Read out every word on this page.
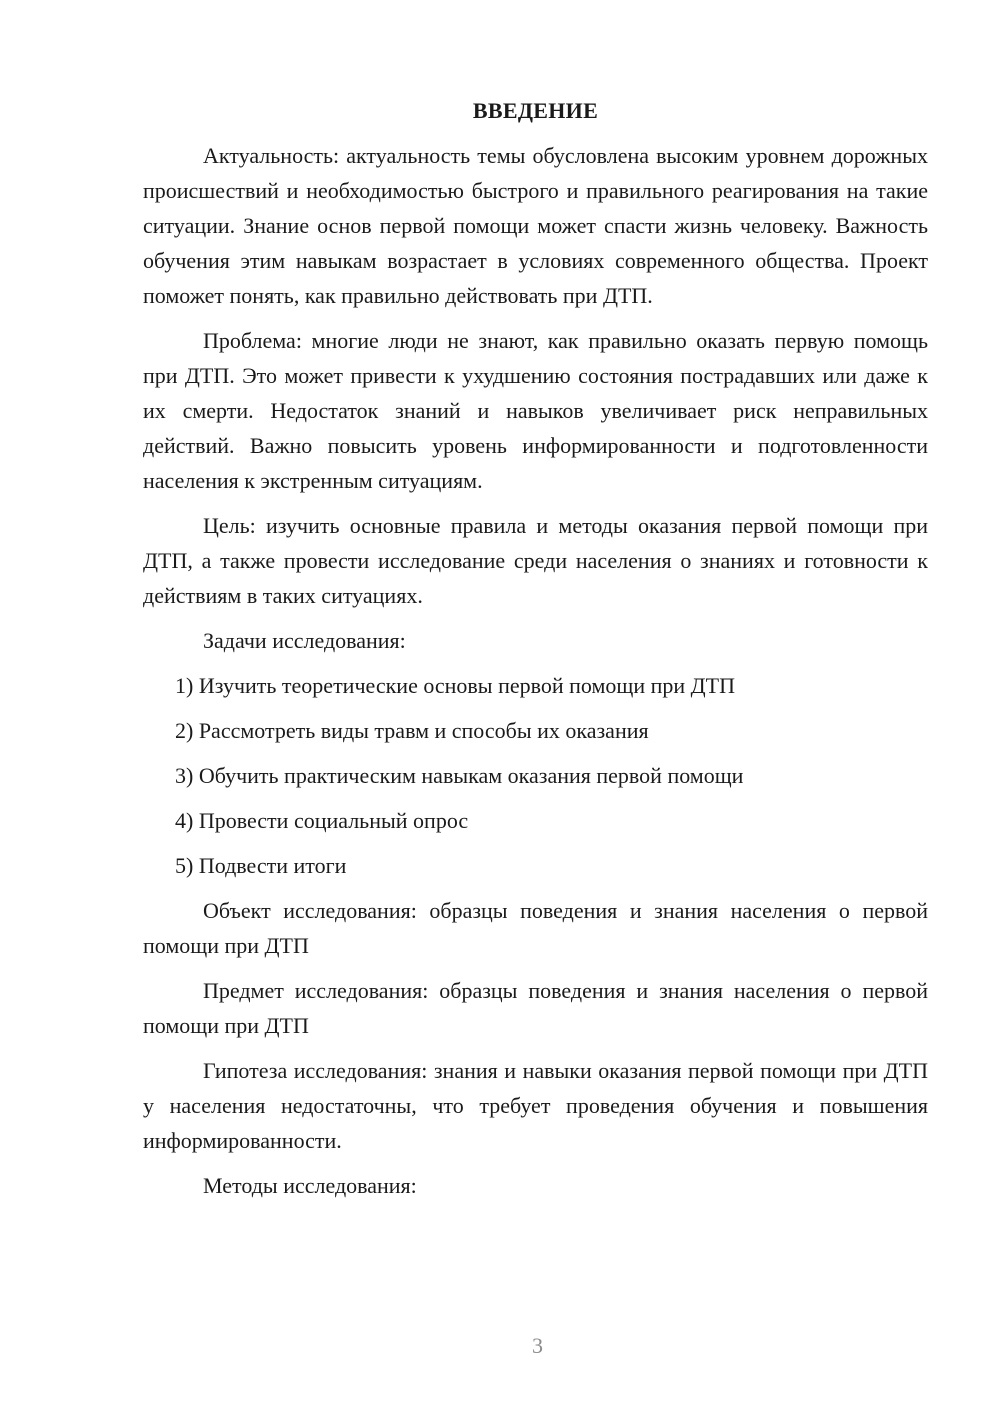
ВВЕДЕНИЕ

Актуальность: актуальность темы обусловлена высоким уровнем дорожных происшествий и необходимостью быстрого и правильного реагирования на такие ситуации. Знание основ первой помощи может спасти жизнь человеку. Важность обучения этим навыкам возрастает в условиях современного общества. Проект поможет понять, как правильно действовать при ДТП.

Проблема: многие люди не знают, как правильно оказать первую помощь при ДТП. Это может привести к ухудшению состояния пострадавших или даже к их смерти. Недостаток знаний и навыков увеличивает риск неправильных действий. Важно повысить уровень информированности и подготовленности населения к экстренным ситуациям.

Цель: изучить основные правила и методы оказания первой помощи при ДТП, а также провести исследование среди населения о знаниях и готовности к действиям в таких ситуациях.

Задачи исследования:

1) Изучить теоретические основы первой помощи при ДТП
2) Рассмотреть виды травм и способы их оказания
3) Обучить практическим навыкам оказания первой помощи
4) Провести социальный опрос
5) Подвести итоги

Объект исследования: образцы поведения и знания населения о первой помощи при ДТП

Предмет исследования: образцы поведения и знания населения о первой помощи при ДТП

Гипотеза исследования: знания и навыки оказания первой помощи при ДТП у населения недостаточны, что требует проведения обучения и повышения информированности.

Методы исследования:

3
